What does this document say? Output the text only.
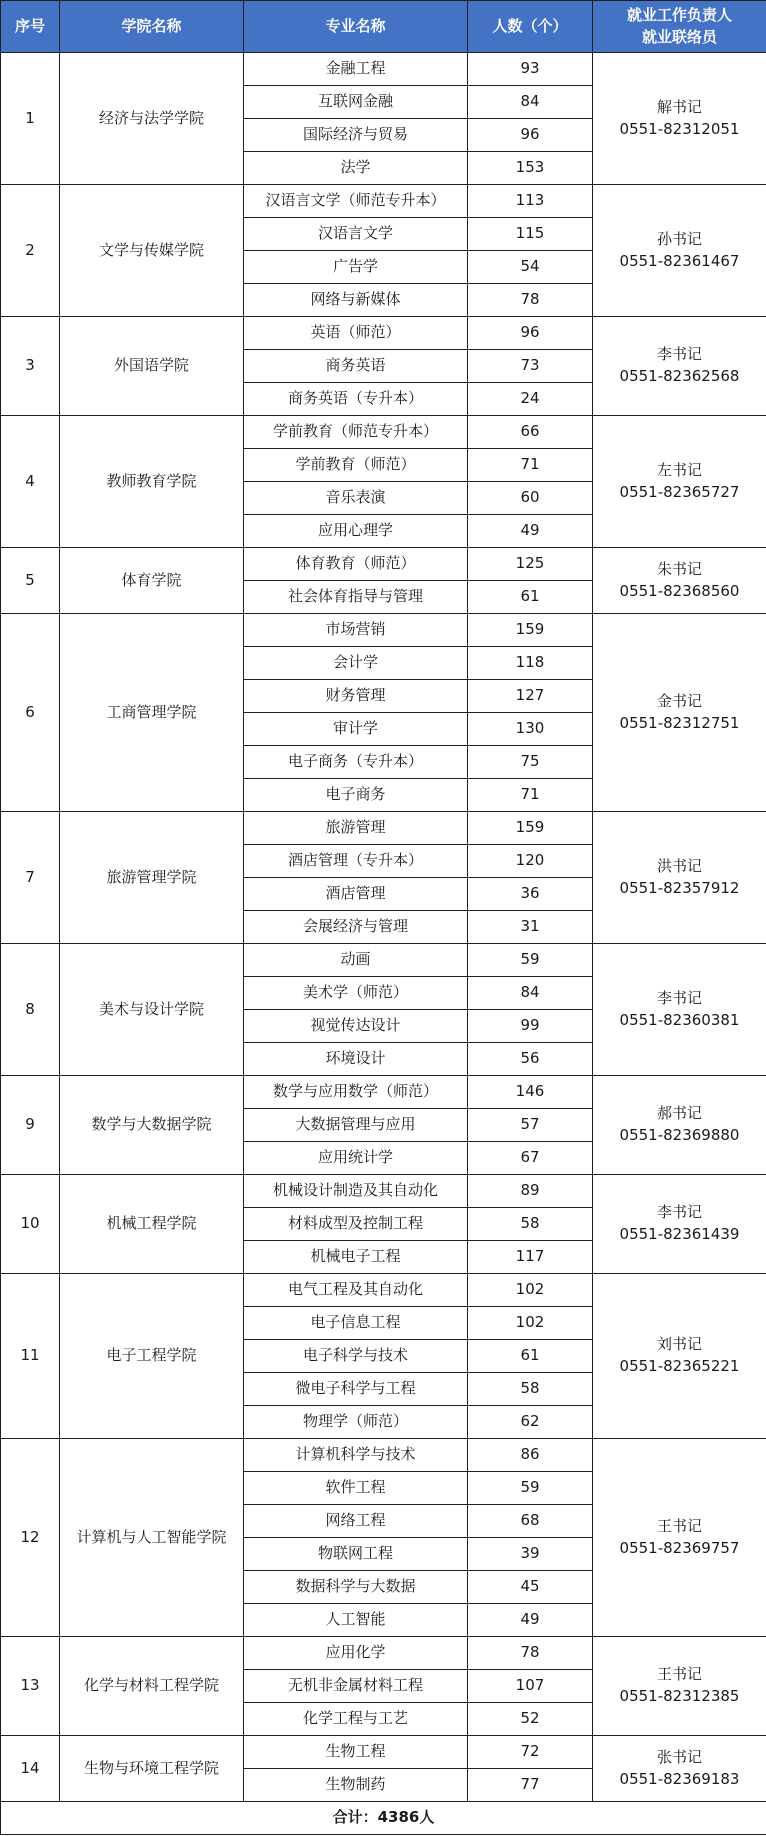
序号	学院名称	专业名称	人数（个）	就业工作负责人
就业联络员

1	经济与法学学院	金融工程	93	解书记
0551-82312051

		互联网金融	84	
		国际经济与贸易	96	
		法学	153	
2	文学与传媒学院	汉语言文学（师范专升本）	113	孙书记
0551-82361467

		汉语言文学	115	
		广告学	54	
		网络与新媒体	78	
3	外国语学院	英语（师范）	96	李书记
0551-82362568

		商务英语	73	
		商务英语（专升本）	24	
4	教师教育学院	学前教育（师范专升本）	66	左书记
0551-82365727

		学前教育（师范）	71	
		音乐表演	60	
		应用心理学	49	
5	体育学院	体育教育（师范）	125	朱书记
0551-82368560

		社会体育指导与管理	61	
6	工商管理学院	市场营销	159	金书记
0551-82312751

		会计学	118	
		财务管理	127	
		审计学	130	
		电子商务（专升本）	75	
		电子商务	71	
7	旅游管理学院	旅游管理	159	洪书记
0551-82357912

		酒店管理（专升本）	120	
		酒店管理	36	
		会展经济与管理	31	
8	美术与设计学院	动画	59	李书记
0551-82360381

		美术学（师范）	84	
		视觉传达设计	99	
		环境设计	56	
9	数学与大数据学院	数学与应用数学（师范）	146	郝书记
0551-82369880

		大数据管理与应用	57	
		应用统计学	67	
10	机械工程学院	机械设计制造及其自动化	89	李书记
0551-82361439

		材料成型及控制工程	58	
		机械电子工程	117	
11	电子工程学院	电气工程及其自动化	102	刘书记
0551-82365221

		电子信息工程	102	
		电子科学与技术	61	
		微电子科学与工程	58	
		物理学（师范）	62	
12	计算机与人工智能学院	计算机科学与技术	86	王书记
0551-82369757

		软件工程	59	
		网络工程	68	
		物联网工程	39	
		数据科学与大数据	45	
		人工智能	49	
13	化学与材料工程学院	应用化学	78	王书记
0551-82312385

		无机非金属材料工程	107	
		化学工程与工艺	52	
14	生物与环境工程学院	生物工程	72	张书记
0551-82369183

		生物制药	77	
合计：4386人				
